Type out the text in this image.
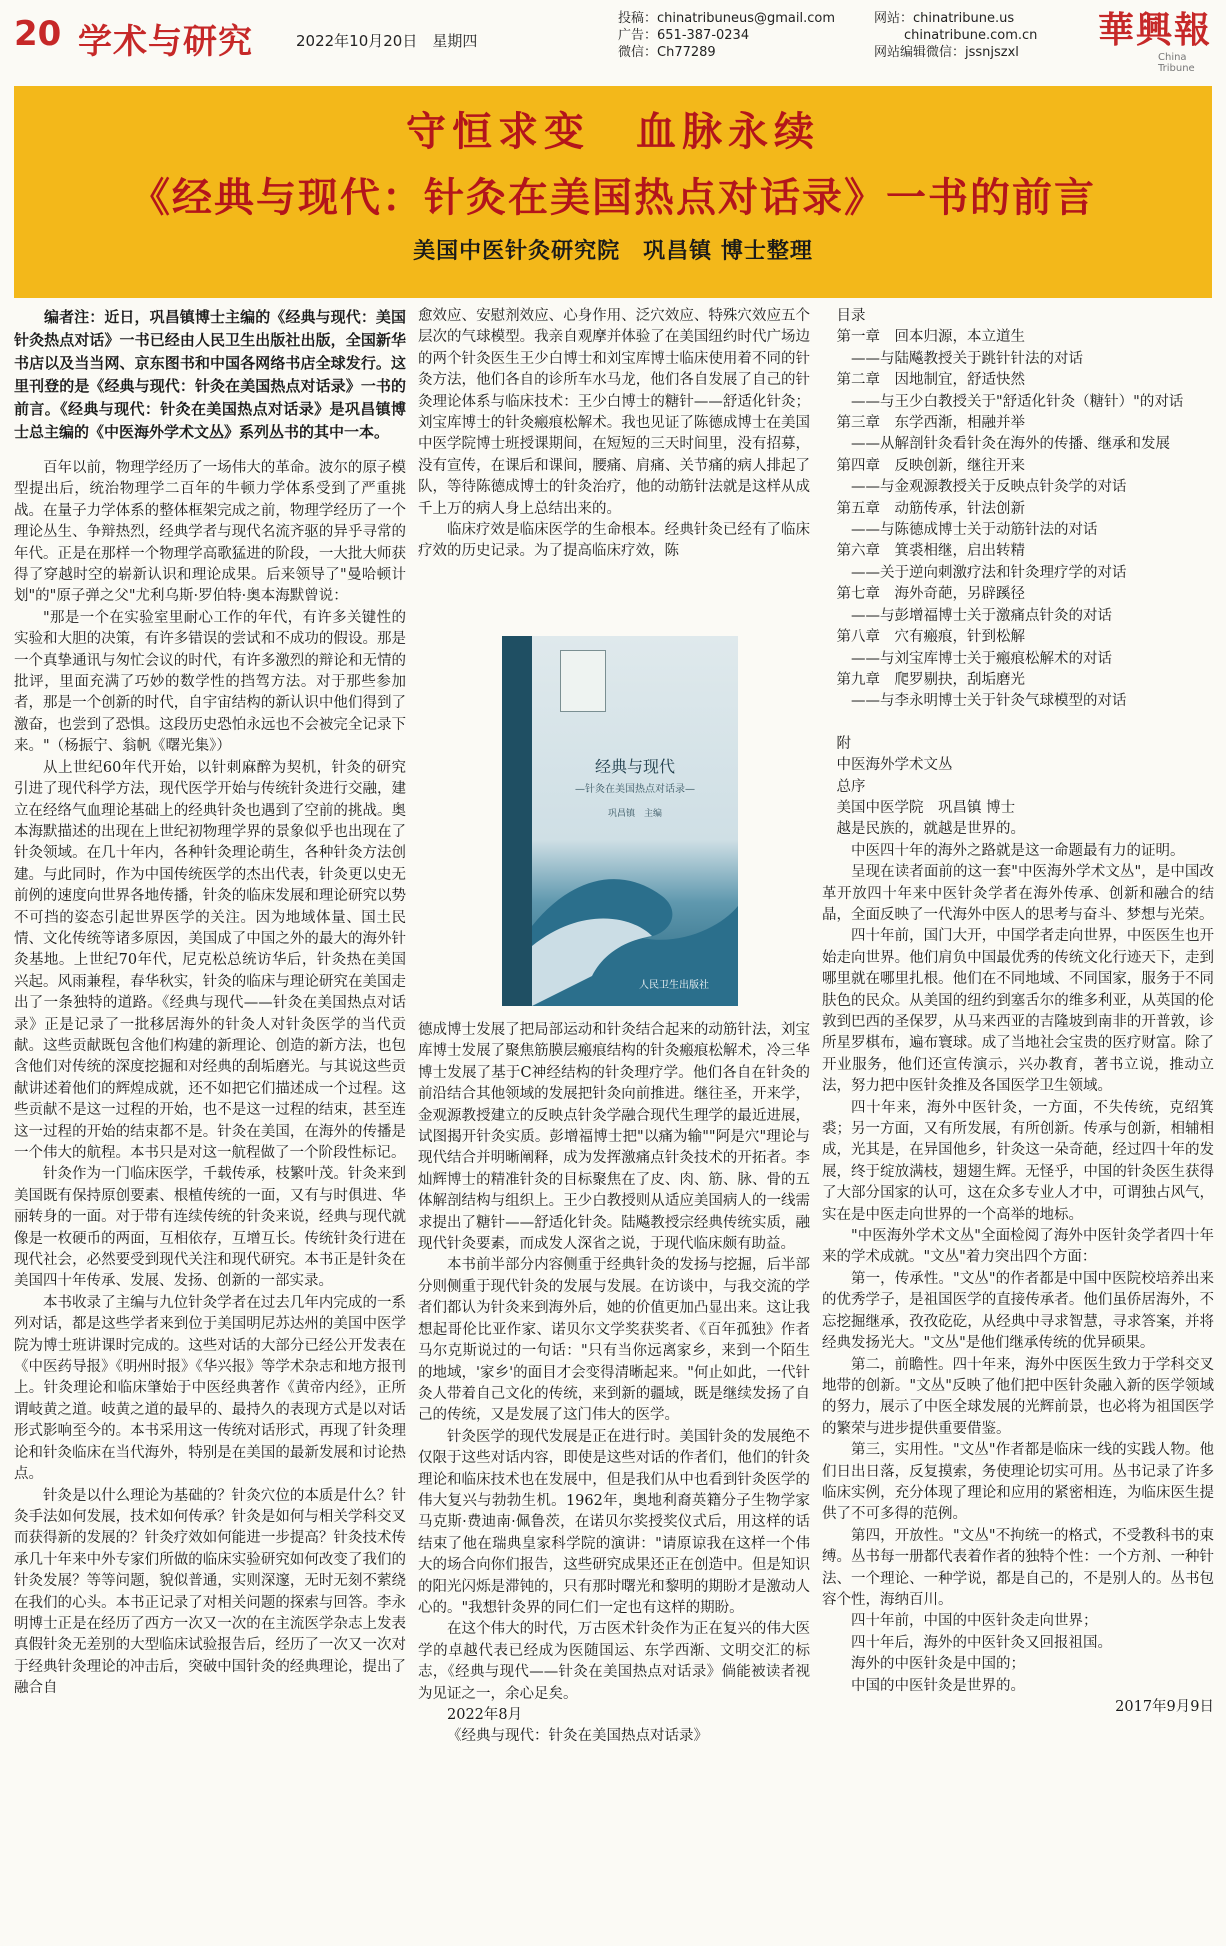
20 学术与研究	2022年10月20日　星期四
投稿：chinatribuneus@gmail.com
广告：651-387-0234
微信：Ch77289
网站：chinatribune.us
chinatribune.com.cn
网站编辑微信：jssnjszxl
華興報
China Tribune
守恒求变　血脉永续
《经典与现代：针灸在美国热点对话录》一书的前言
美国中医针灸研究院　巩昌镇 博士整理

编者注：近日，巩昌镇博士主编的《经典与现代：美国针灸热点对话》一书已经由人民卫生出版社出版，全国新华书店以及当当网、京东图书和中国各网络书店全球发行。这里刊登的是《经典与现代：针灸在美国热点对话录》一书的前言。《经典与现代：针灸在美国热点对话录》是巩昌镇博士总主编的《中医海外学术文丛》系列丛书的其中一本。

百年以前，物理学经历了一场伟大的革命。波尔的原子模型提出后，统治物理学二百年的牛顿力学体系受到了严重挑战。在量子力学体系的整体框架完成之前，物理学经历了一个理论丛生、争辩热烈，经典学者与现代名流齐驱的异乎寻常的年代。正是在那样一个物理学高歌猛进的阶段，一大批大师获得了穿越时空的崭新认识和理论成果。后来领导了"曼哈顿计划"的"原子弹之父"尤利乌斯·罗伯特·奥本海默曾说：

"那是一个在实验室里耐心工作的年代，有许多关键性的实验和大胆的决策，有许多错误的尝试和不成功的假设。那是一个真挚通讯与匆忙会议的时代，有许多激烈的辩论和无情的批评，里面充满了巧妙的数学性的挡驾方法。对于那些参加者，那是一个创新的时代，自宇宙结构的新认识中他们得到了激奋，也尝到了恐惧。这段历史恐怕永远也不会被完全记录下来。"（杨振宁、翁帆《曙光集》）

从上世纪60年代开始，以针刺麻醉为契机，针灸的研究引进了现代科学方法，现代医学开始与传统针灸进行交融，建立在经络气血理论基础上的经典针灸也遇到了空前的挑战。奥本海默描述的出现在上世纪初物理学界的景象似乎也出现在了针灸领域。在几十年内，各种针灸理论萌生，各种针灸方法创建。与此同时，作为中国传统医学的杰出代表，针灸更以史无前例的速度向世界各地传播，针灸的临床发展和理论研究以势不可挡的姿态引起世界医学的关注。因为地域体量、国土民情、文化传统等诸多原因，美国成了中国之外的最大的海外针灸基地。上世纪70年代，尼克松总统访华后，针灸热在美国兴起。风雨兼程，春华秋实，针灸的临床与理论研究在美国走出了一条独特的道路。《经典与现代——针灸在美国热点对话录》正是记录了一批移居海外的针灸人对针灸医学的当代贡献。这些贡献既包含他们构建的新理论、创造的新方法，也包含他们对传统的深度挖掘和对经典的刮垢磨光。与其说这些贡献讲述着他们的辉煌成就，还不如把它们描述成一个过程。这些贡献不是这一过程的开始，也不是这一过程的结束，甚至连这一过程的开始的结束都不是。针灸在美国，在海外的传播是一个伟大的航程。本书只是对这一航程做了一个阶段性标记。

针灸作为一门临床医学，千载传承，枝繁叶茂。针灸来到美国既有保持原创要素、根植传统的一面，又有与时俱进、华丽转身的一面。对于带有连续传统的针灸来说，经典与现代就像是一枚硬币的两面，互相依存，互增互长。传统针灸行进在现代社会，必然要受到现代关注和现代研究。本书正是针灸在美国四十年传承、发展、发扬、创新的一部实录。

本书收录了主编与九位针灸学者在过去几年内完成的一系列对话，都是这些学者来到位于美国明尼苏达州的美国中医学院为博士班讲课时完成的。这些对话的大部分已经公开发表在《中医药导报》《明州时报》《华兴报》等学术杂志和地方报刊上。针灸理论和临床肇始于中医经典著作《黄帝内经》，正所谓岐黄之道。岐黄之道的最早的、最持久的表现方式是以对话形式影响至今的。本书采用这一传统对话形式，再现了针灸理论和针灸临床在当代海外，特别是在美国的最新发展和讨论热点。

针灸是以什么理论为基础的？针灸穴位的本质是什么？针灸手法如何发展，技术如何传承？针灸是如何与相关学科交叉而获得新的发展的？针灸疗效如何能进一步提高？针灸技术传承几十年来中外专家们所做的临床实验研究如何改变了我们的针灸发展？等等问题，貌似普通，实则深邃，无时无刻不萦绕在我们的心头。本书正记录了对相关问题的探索与回答。李永明博士正是在经历了西方一次又一次的在主流医学杂志上发表真假针灸无差别的大型临床试验报告后，经历了一次又一次对于经典针灸理论的冲击后，突破中国针灸的经典理论，提出了融合自

愈效应、安慰剂效应、心身作用、泛穴效应、特殊穴效应五个层次的气球模型。我亲自观摩并体验了在美国纽约时代广场边的两个针灸医生王少白博士和刘宝库博士临床使用着不同的针灸方法，他们各自的诊所车水马龙，他们各自发展了自己的针灸理论体系与临床技术：王少白博士的糖针——舒适化针灸；刘宝库博士的针灸瘢痕松解术。我也见证了陈德成博士在美国中医学院博士班授课期间，在短短的三天时间里，没有招募，没有宣传，在课后和课间，腰痛、肩痛、关节痛的病人排起了队，等待陈德成博士的针灸治疗，他的动筋针法就是这样从成千上万的病人身上总结出来的。

临床疗效是临床医学的生命根本。经典针灸已经有了临床疗效的历史记录。为了提高临床疗效，陈

经典与现代
—针灸在美国热点对话录—
巩昌镇　主编
人民卫生出版社

德成博士发展了把局部运动和针灸结合起来的动筋针法，刘宝库博士发展了聚焦筋膜层瘢痕结构的针灸瘢痕松解术，冷三华博士发展了基于C神经结构的针灸理疗学。他们各自在针灸的前沿结合其他领域的发展把针灸向前推进。继往圣，开来学，金观源教授建立的反映点针灸学融合现代生理学的最近进展，试图揭开针灸实质。彭增福博士把"以痛为输""阿是穴"理论与现代结合并明晰阐释，成为发挥激痛点针灸技术的开拓者。李灿辉博士的精准针灸的目标聚焦在了皮、肉、筋、脉、骨的五体解剖结构与组织上。王少白教授则从适应美国病人的一线需求提出了糖针——舒适化针灸。陆飚教授宗经典传统实质，融现代针灸要素，而成发人深省之说，于现代临床颇有助益。

本书前半部分内容侧重于经典针灸的发扬与挖掘，后半部分则侧重于现代针灸的发展与发展。在访谈中，与我交流的学者们都认为针灸来到海外后，她的价值更加凸显出来。这让我想起哥伦比亚作家、诺贝尔文学奖获奖者、《百年孤独》作者马尔克斯说过的一句话："只有当你远离家乡，来到一个陌生的地域，'家乡'的面目才会变得清晰起来。"何止如此，一代针灸人带着自己文化的传统，来到新的疆域，既是继续发扬了自己的传统，又是发展了这门伟大的医学。

针灸医学的现代发展是正在进行时。美国针灸的发展绝不仅限于这些对话内容，即使是这些对话的作者们，他们的针灸理论和临床技术也在发展中，但是我们从中也看到针灸医学的伟大复兴与勃勃生机。1962年，奥地利裔英籍分子生物学家马克斯·费迪南·佩鲁茨，在诺贝尔奖授奖仪式后，用这样的话结束了他在瑞典皇家科学院的演讲："请原谅我在这样一个伟大的场合向你们报告，这些研究成果还正在创造中。但是知识的阳光闪烁是滞钝的，只有那时曙光和黎明的期盼才是激动人心的。"我想针灸界的同仁们一定也有这样的期盼。

在这个伟大的时代，万古医术针灸作为正在复兴的伟大医学的卓越代表已经成为医随国运、东学西渐、文明交汇的标志，《经典与现代——针灸在美国热点对话录》倘能被读者视为见证之一，余心足矣。

2022年8月

《经典与现代：针灸在美国热点对话录》

目录

第一章　回本归源，本立道生

——与陆飚教授关于跳针针法的对话

第二章　因地制宜，舒适快然

——与王少白教授关于"舒适化针灸（糖针）"的对话

第三章　东学西渐，相融并举

——从解剖针灸看针灸在海外的传播、继承和发展

第四章　反映创新，继往开来

——与金观源教授关于反映点针灸学的对话

第五章　动筋传承，针法创新

——与陈德成博士关于动筋针法的对话

第六章　箕裘相继，启出转精

——关于逆向刺激疗法和针灸理疗学的对话

第七章　海外奇葩，另辟蹊径

——与彭增福博士关于激痛点针灸的对话

第八章　穴有瘢痕，针到松解

——与刘宝库博士关于瘢痕松解术的对话

第九章　爬罗剔抉，刮垢磨光

——与李永明博士关于针灸气球模型的对话

附

中医海外学术文丛

总序

美国中医学院　巩昌镇 博士

越是民族的，就越是世界的。

中医四十年的海外之路就是这一命题最有力的证明。

呈现在读者面前的这一套"中医海外学术文丛"，是中国改革开放四十年来中医针灸学者在海外传承、创新和融合的结晶，全面反映了一代海外中医人的思考与奋斗、梦想与光荣。

四十年前，国门大开，中国学者走向世界，中医医生也开始走向世界。他们肩负中国最优秀的传统文化行迹天下，走到哪里就在哪里扎根。他们在不同地域、不同国家，服务于不同肤色的民众。从美国的纽约到塞舌尔的维多利亚，从英国的伦敦到巴西的圣保罗，从马来西亚的吉隆坡到南非的开普敦，诊所星罗棋布，遍布寰球。成了当地社会宝贵的医疗财富。除了开业服务，他们还宣传演示，兴办教育，著书立说，推动立法，努力把中医针灸推及各国医学卫生领域。

四十年来，海外中医针灸，一方面，不失传统，克绍箕裘；另一方面，又有所发展，有所创新。传承与创新，相辅相成，光其是，在异国他乡，针灸这一朵奇葩，经过四十年的发展，终于绽放满枝，翅翅生辉。无怪乎，中国的针灸医生获得了大部分国家的认可，这在众多专业人才中，可谓独占风气，实在是中医走向世界的一个高举的地标。

"中医海外学术文丛"全面检阅了海外中医针灸学者四十年来的学术成就。"文丛"着力突出四个方面：

第一，传承性。"文丛"的作者都是中国中医院校培养出来的优秀学子，是祖国医学的直接传承者。他们虽侨居海外，不忘挖掘继承，孜孜矻矻，从经典中寻求智慧，寻求答案，并将经典发扬光大。"文丛"是他们继承传统的优异硕果。

第二，前瞻性。四十年来，海外中医医生致力于学科交叉地带的创新。"文丛"反映了他们把中医针灸融入新的医学领域的努力，展示了中医全球发展的光辉前景，也必将为祖国医学的繁荣与进步提供重要借鉴。

第三，实用性。"文丛"作者都是临床一线的实践人物。他们日出日落，反复摸索，务使理论切实可用。丛书记录了许多临床实例，充分体现了理论和应用的紧密相连，为临床医生提供了不可多得的范例。

第四，开放性。"文丛"不拘统一的格式，不受教科书的束缚。丛书每一册都代表着作者的独特个性：一个方剂、一种针法、一个理论、一种学说，都是自己的，不是别人的。丛书包容个性，海纳百川。

四十年前，中国的中医针灸走向世界；

四十年后，海外的中医针灸又回报祖国。

海外的中医针灸是中国的；

中国的中医针灸是世界的。

2017年9月9日
